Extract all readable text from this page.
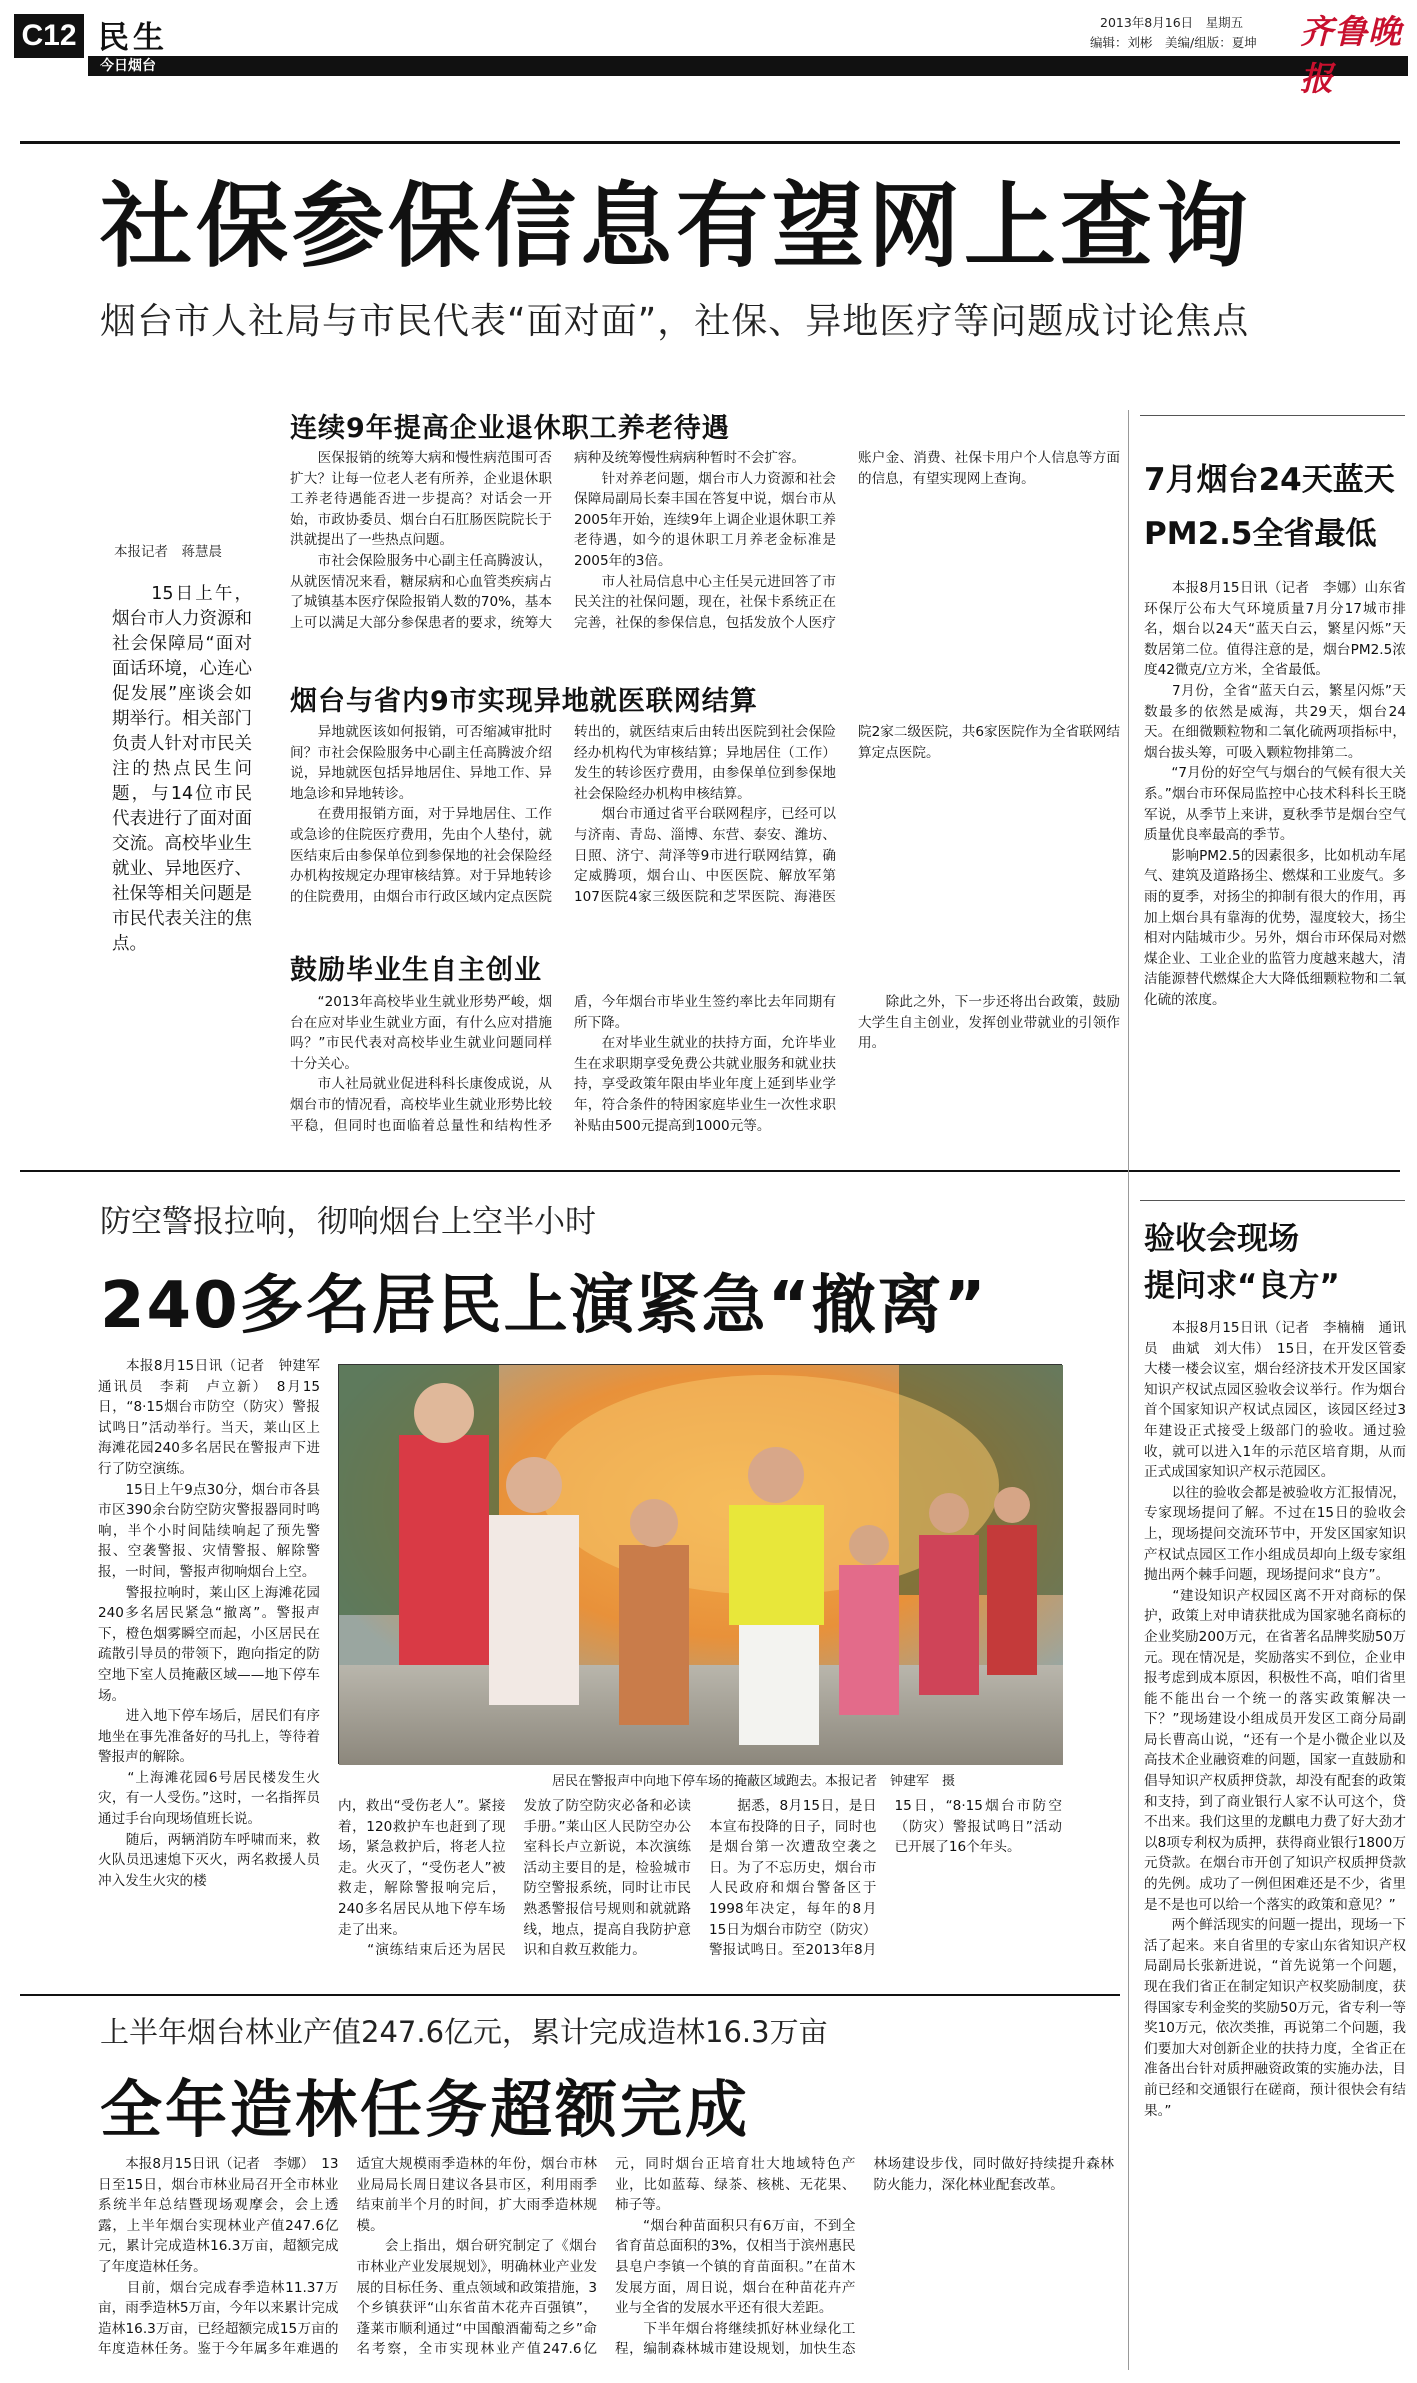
C12 民生
今日烟台
2013年8月16日　星期五
编辑：刘彬　美编/组版：夏坤 齐鲁晚报
社保参保信息有望网上查询
烟台市人社局与市民代表“面对面”，社保、异地医疗等问题成讨论焦点
本报记者　蒋慧晨
　　15日上午，烟台市人力资源和社会保障局“面对面话环境，心连心促发展”座谈会如期举行。相关部门负责人针对市民关注的热点民生问题，与14位市民代表进行了面对面交流。高校毕业生就业、异地医疗、社保等相关问题是市民代表关注的焦点。
连续9年提高企业退休职工养老待遇
　　医保报销的统筹大病和慢性病范围可否扩大？让每一位老人老有所养，企业退休职工养老待遇能否进一步提高？对话会一开始，市政协委员、烟台白石肛肠医院院长于洪就提出了一些热点问题。
　　市社会保险服务中心副主任高腾波认，从就医情况来看，糖尿病和心血管类疾病占了城镇基本医疗保险报销人数的70%，基本上可以满足大部分参保患者的要求，统筹大病种及统筹慢性病病种暂时不会扩容。
　　针对养老问题，烟台市人力资源和社会保障局副局长秦丰国在答复中说，烟台市从2005年开始，连续9年上调企业退休职工养老待遇，如今的退休职工月养老金标准是2005年的3倍。
　　市人社局信息中心主任吴元进回答了市民关注的社保问题，现在，社保卡系统正在完善，社保的参保信息，包括发放个人医疗账户金、消费、社保卡用户个人信息等方面的信息，有望实现网上查询。
烟台与省内9市实现异地就医联网结算
　　异地就医该如何报销，可否缩减审批时间？市社会保险服务中心副主任高腾波介绍说，异地就医包括异地居住、异地工作、异地急诊和异地转诊。
　　在费用报销方面，对于异地居住、工作或急诊的住院医疗费用，先由个人垫付，就医结束后由参保单位到参保地的社会保险经办机构按规定办理审核结算。对于异地转诊的住院费用，由烟台市行政区域内定点医院转出的，就医结束后由转出医院到社会保险经办机构代为审核结算；异地居住（工作）发生的转诊医疗费用，由参保单位到参保地社会保险经办机构申核结算。
　　烟台市通过省平台联网程序，已经可以与济南、青岛、淄博、东营、泰安、潍坊、日照、济宁、菏泽等9市进行联网结算，确定威腾项，烟台山、中医医院、解放军第107医院4家三级医院和芝罘医院、海港医院2家二级医院，共6家医院作为全省联网结算定点医院。
鼓励毕业生自主创业
　　“2013年高校毕业生就业形势严峻，烟台在应对毕业生就业方面，有什么应对措施吗？”市民代表对高校毕业生就业问题同样十分关心。
　　市人社局就业促进科科长康俊成说，从烟台市的情况看，高校毕业生就业形势比较平稳，但同时也面临着总量性和结构性矛盾，今年烟台市毕业生签约率比去年同期有所下降。
　　在对毕业生就业的扶持方面，允许毕业生在求职期享受免费公共就业服务和就业扶持，享受政策年限由毕业年度上延到毕业学年，符合条件的特困家庭毕业生一次性求职补贴由500元提高到1000元等。
　　除此之外，下一步还将出台政策，鼓励大学生自主创业，发挥创业带就业的引领作用。
7月烟台24天蓝天
PM2.5全省最低
　　本报8月15日讯（记者　李娜）山东省环保厅公布大气环境质量7月分17城市排名，烟台以24天“蓝天白云，繁星闪烁”天数居第二位。值得注意的是，烟台PM2.5浓度42微克/立方米，全省最低。
　　7月份，全省“蓝天白云，繁星闪烁”天数最多的依然是威海，共29天，烟台24天。在细微颗粒物和二氧化硫两项指标中，烟台拔头筹，可吸入颗粒物排第二。
　　“7月份的好空气与烟台的气候有很大关系。”烟台市环保局监控中心技术科科长王晓军说，从季节上来讲，夏秋季节是烟台空气质量优良率最高的季节。
　　影响PM2.5的因素很多，比如机动车尾气、建筑及道路扬尘、燃煤和工业废气。多雨的夏季，对扬尘的抑制有很大的作用，再加上烟台具有靠海的优势，湿度较大，扬尘相对内陆城市少。另外，烟台市环保局对燃煤企业、工业企业的监管力度越来越大，清洁能源替代燃煤企大大降低细颗粒物和二氧化硫的浓度。
防空警报拉响，彻响烟台上空半小时
240多名居民上演紧急“撤离”
　　本报8月15日讯（记者　钟建军　通讯员　李莉　卢立新）　8月15日，“8·15烟台市防空（防灾）警报试鸣日”活动举行。当天，莱山区上海滩花园240多名居民在警报声下进行了防空演练。
　　15日上午9点30分，烟台市各县市区390余台防空防灾警报器同时鸣响，半个小时间陆续响起了预先警报、空袭警报、灾情警报、解除警报，一时间，警报声彻响烟台上空。
　　警报拉响时，莱山区上海滩花园240多名居民紧急“撤离”。警报声下，橙色烟雾瞬空而起，小区居民在疏散引导员的带领下，跑向指定的防空地下室人员掩蔽区域——地下停车场。
　　进入地下停车场后，居民们有序地坐在事先准备好的马扎上，等待着警报声的解除。
　　“上海滩花园6号居民楼发生火灾，有一人受伤。”这时，一名指挥员通过手台向现场值班长说。
　　随后，两辆消防车呼啸而来，救火队员迅速熄下灭火，两名救援人员冲入发生火灾的楼
居民在警报声中向地下停车场的掩蔽区域跑去。本报记者　钟建军　摄
内，救出“受伤老人”。紧接着，120救护车也赶到了现场，紧急救护后，将老人拉走。火灭了，“受伤老人”被救走，解除警报响完后，240多名居民从地下停车场走了出来。
　　“演练结束后还为居民发放了防空防灾必备和必读手册。”莱山区人民防空办公室科长卢立新说，本次演练活动主要目的是，检验城市防空警报系统，同时让市民熟悉警报信号规则和就就路线，地点，提高自我防护意识和自救互救能力。
　　据悉，8月15日，是日本宣布投降的日子，同时也是烟台第一次遭敌空袭之日。为了不忘历史，烟台市人民政府和烟台警备区于1998年决定，每年的8月15日为烟台市防空（防灾）警报试鸣日。至2013年8月15日，“8·15烟台市防空（防灾）警报试鸣日”活动已开展了16个年头。
验收会现场
提问求“良方”
　　本报8月15日讯（记者　李楠楠　通讯员　曲斌　刘大伟）　15日，在开发区管委大楼一楼会议室，烟台经济技术开发区国家知识产权试点园区验收会议举行。作为烟台首个国家知识产权试点园区，该园区经过3年建设正式接受上级部门的验收。通过验收，就可以进入1年的示范区培育期，从而正式成国家知识产权示范园区。
　　以往的验收会都是被验收方汇报情况，专家现场提问了解。不过在15日的验收会上，现场提问交流环节中，开发区国家知识产权试点园区工作小组成员却向上级专家组抛出两个棘手问题，现场提问求“良方”。
　　“建设知识产权园区离不开对商标的保护，政策上对申请获批成为国家驰名商标的企业奖励200万元，在省著名品牌奖励50万元。现在情况是，奖励落实不到位，企业申报考虑到成本原因，积极性不高，咱们省里能不能出台一个统一的落实政策解决一下？”现场建设小组成员开发区工商分局副局长曹高山说，“还有一个是小微企业以及高技术企业融资难的问题，国家一直鼓励和倡导知识产权质押贷款，却没有配套的政策和支持，到了商业银行人家不认可这个，贷不出来。我们这里的龙麒电力费了好大劲才以8项专利权为质押，获得商业银行1800万元贷款。在烟台市开创了知识产权质押贷款的先例。成功了一例但困难还是不少，省里是不是也可以给一个落实的政策和意见？”
　　两个鲜活现实的问题一提出，现场一下活了起来。来自省里的专家山东省知识产权局副局长张新进说，“首先说第一个问题，现在我们省正在制定知识产权奖励制度，获得国家专利金奖的奖励50万元，省专利一等奖10万元，依次类推，再说第二个问题，我们要加大对创新企业的扶持力度，全省正在准备出台针对质押融资政策的实施办法，目前已经和交通银行在磋商，预计很快会有结果。”
上半年烟台林业产值247.6亿元，累计完成造林16.3万亩
全年造林任务超额完成
　　本报8月15日讯（记者　李娜）　13日至15日，烟台市林业局召开全市林业系统半年总结暨现场观摩会，会上透露，上半年烟台实现林业产值247.6亿元，累计完成造林16.3万亩，超额完成了年度造林任务。
　　目前，烟台完成春季造林11.37万亩，雨季造林5万亩，今年以来累计完成造林16.3万亩，已经超额完成15万亩的年度造林任务。鉴于今年属多年难遇的适宜大规模雨季造林的年份，烟台市林业局局长周日建议各县市区，利用雨季结束前半个月的时间，扩大雨季造林规模。
　　会上指出，烟台研究制定了《烟台市林业产业发展规划》，明确林业产业发展的目标任务、重点领域和政策措施，3个乡镇获评“山东省苗木花卉百强镇”，蓬莱市顺利通过“中国酿酒葡萄之乡”命名考察，全市实现林业产值247.6亿元，同时烟台正培育壮大地域特色产业，比如蓝莓、绿茶、核桃、无花果、柿子等。
　　“烟台种苗面积只有6万亩，不到全省育苗总面积的3%，仅相当于滨州惠民县皂户李镇一个镇的育苗面积。”在苗木发展方面，周日说，烟台在种苗花卉产业与全省的发展水平还有很大差距。
　　下半年烟台将继续抓好林业绿化工程，编制森林城市建设规划，加快生态林场建设步伐，同时做好持续提升森林防火能力，深化林业配套改革。
